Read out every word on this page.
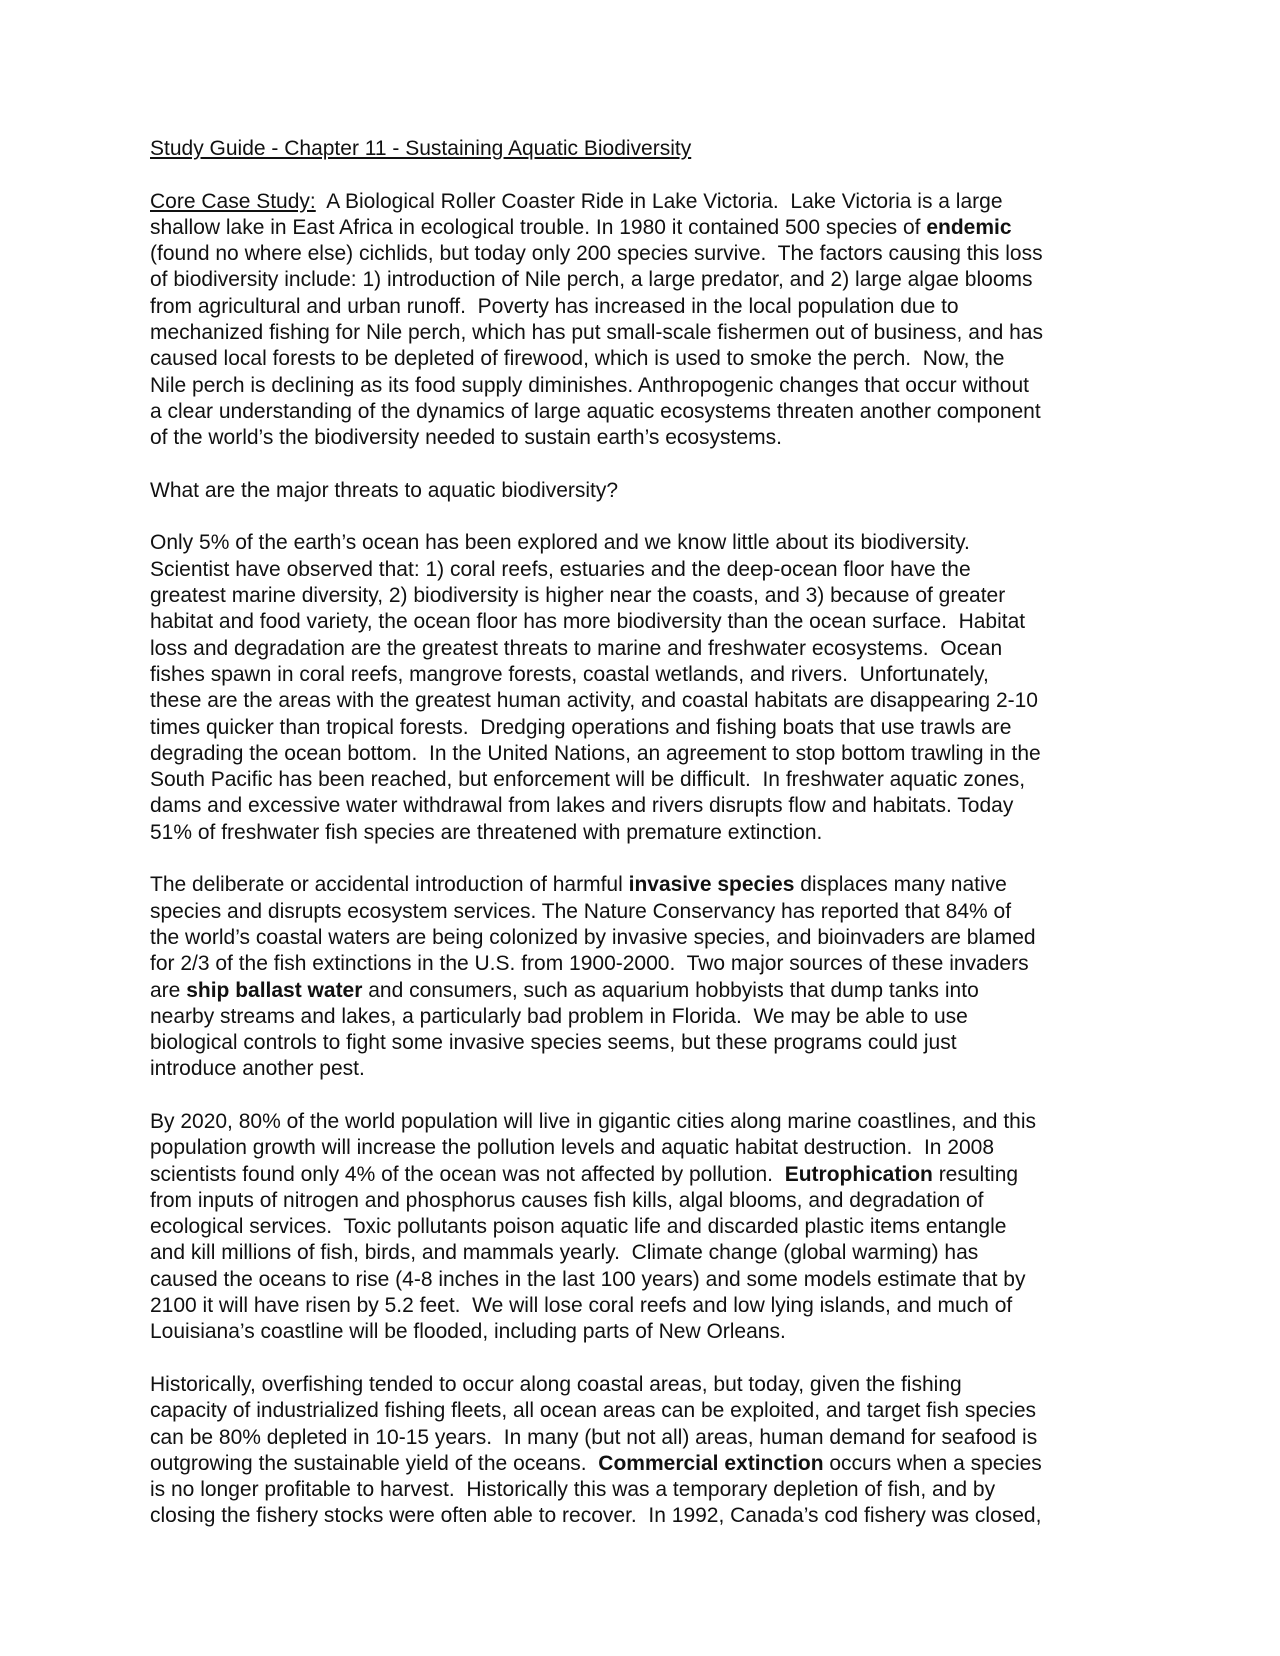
Study Guide - Chapter 11 - Sustaining Aquatic Biodiversity
Core Case Study:  A Biological Roller Coaster Ride in Lake Victoria.  Lake Victoria is a large
shallow lake in East Africa in ecological trouble. In 1980 it contained 500 species of endemic
(found no where else) cichlids, but today only 200 species survive.  The factors causing this loss
of biodiversity include: 1) introduction of Nile perch, a large predator, and 2) large algae blooms
from agricultural and urban runoff.  Poverty has increased in the local population due to
mechanized fishing for Nile perch, which has put small-scale fishermen out of business, and has
caused local forests to be depleted of firewood, which is used to smoke the perch.  Now, the
Nile perch is declining as its food supply diminishes. Anthropogenic changes that occur without
a clear understanding of the dynamics of large aquatic ecosystems threaten another component
of the world’s the biodiversity needed to sustain earth’s ecosystems.
What are the major threats to aquatic biodiversity?
Only 5% of the earth’s ocean has been explored and we know little about its biodiversity.
Scientist have observed that: 1) coral reefs, estuaries and the deep-ocean floor have the
greatest marine diversity, 2) biodiversity is higher near the coasts, and 3) because of greater
habitat and food variety, the ocean floor has more biodiversity than the ocean surface.  Habitat
loss and degradation are the greatest threats to marine and freshwater ecosystems.  Ocean
fishes spawn in coral reefs, mangrove forests, coastal wetlands, and rivers.  Unfortunately,
these are the areas with the greatest human activity, and coastal habitats are disappearing 2-10
times quicker than tropical forests.  Dredging operations and fishing boats that use trawls are
degrading the ocean bottom.  In the United Nations, an agreement to stop bottom trawling in the
South Pacific has been reached, but enforcement will be difficult.  In freshwater aquatic zones,
dams and excessive water withdrawal from lakes and rivers disrupts flow and habitats. Today
51% of freshwater fish species are threatened with premature extinction.
The deliberate or accidental introduction of harmful invasive species displaces many native
species and disrupts ecosystem services. The Nature Conservancy has reported that 84% of
the world’s coastal waters are being colonized by invasive species, and bioinvaders are blamed
for 2/3 of the fish extinctions in the U.S. from 1900-2000.  Two major sources of these invaders
are ship ballast water and consumers, such as aquarium hobbyists that dump tanks into
nearby streams and lakes, a particularly bad problem in Florida.  We may be able to use
biological controls to fight some invasive species seems, but these programs could just
introduce another pest.
By 2020, 80% of the world population will live in gigantic cities along marine coastlines, and this
population growth will increase the pollution levels and aquatic habitat destruction.  In 2008
scientists found only 4% of the ocean was not affected by pollution.  Eutrophication resulting
from inputs of nitrogen and phosphorus causes fish kills, algal blooms, and degradation of
ecological services.  Toxic pollutants poison aquatic life and discarded plastic items entangle
and kill millions of fish, birds, and mammals yearly.  Climate change (global warming) has
caused the oceans to rise (4-8 inches in the last 100 years) and some models estimate that by
2100 it will have risen by 5.2 feet.  We will lose coral reefs and low lying islands, and much of
Louisiana’s coastline will be flooded, including parts of New Orleans.
Historically, overfishing tended to occur along coastal areas, but today, given the fishing
capacity of industrialized fishing fleets, all ocean areas can be exploited, and target fish species
can be 80% depleted in 10-15 years.  In many (but not all) areas, human demand for seafood is
outgrowing the sustainable yield of the oceans.  Commercial extinction occurs when a species
is no longer profitable to harvest.  Historically this was a temporary depletion of fish, and by
closing the fishery stocks were often able to recover.  In 1992, Canada’s cod fishery was closed,
